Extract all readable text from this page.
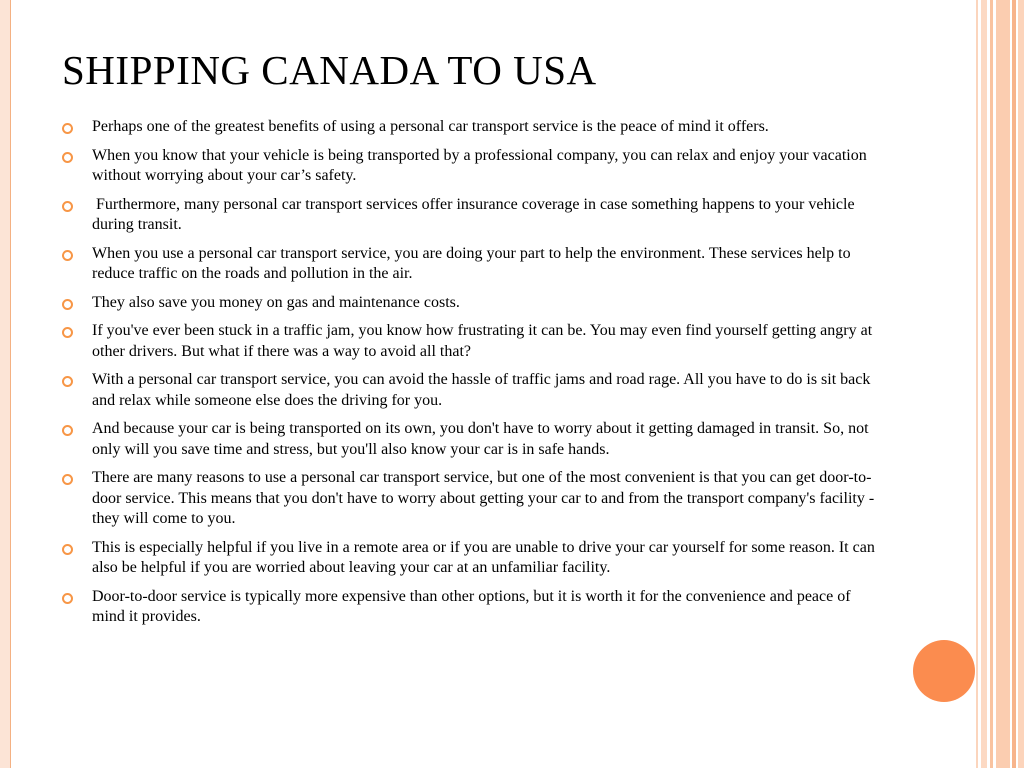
SHIPPING CANADA TO USA
Perhaps one of the greatest benefits of using a personal car transport service is the peace of mind it offers.
When you know that your vehicle is being transported by a professional company, you can relax and enjoy your vacation without worrying about your car’s safety.
Furthermore, many personal car transport services offer insurance coverage in case something happens to your vehicle during transit.
When you use a personal car transport service, you are doing your part to help the environment. These services help to reduce traffic on the roads and pollution in the air.
They also save you money on gas and maintenance costs.
If you've ever been stuck in a traffic jam, you know how frustrating it can be. You may even find yourself getting angry at other drivers. But what if there was a way to avoid all that?
With a personal car transport service, you can avoid the hassle of traffic jams and road rage. All you have to do is sit back and relax while someone else does the driving for you.
And because your car is being transported on its own, you don't have to worry about it getting damaged in transit. So, not only will you save time and stress, but you'll also know your car is in safe hands.
There are many reasons to use a personal car transport service, but one of the most convenient is that you can get door-to-door service. This means that you don't have to worry about getting your car to and from the transport company's facility - they will come to you.
This is especially helpful if you live in a remote area or if you are unable to drive your car yourself for some reason. It can also be helpful if you are worried about leaving your car at an unfamiliar facility.
Door-to-door service is typically more expensive than other options, but it is worth it for the convenience and peace of mind it provides.
